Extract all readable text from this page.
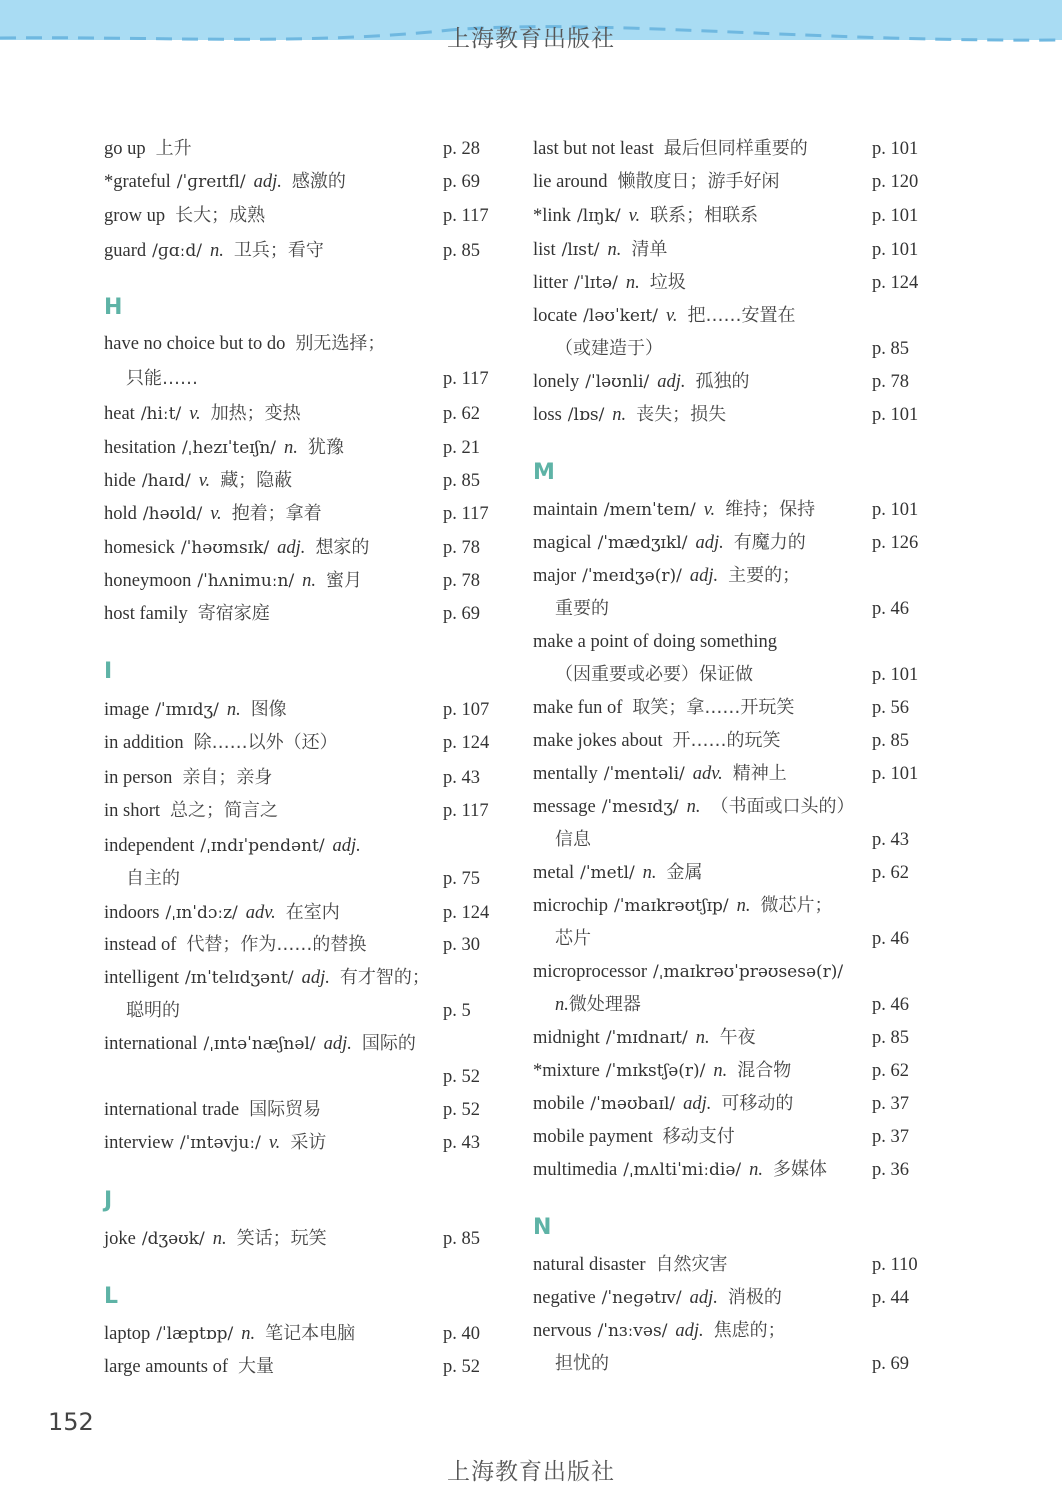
上海教育出版社
go up 上升	p. 28
*grateful /ˈɡreɪtfl/ adj. 感激的	p. 69
grow up 长大；成熟	p. 117
guard /ɡɑːd/ n. 卫兵；看守	p. 85
H
have no choice but to do 别无选择；
只能……	p. 117
heat /hiːt/ v. 加热；变热	p. 62
hesitation /ˌhezɪˈteɪʃn/ n. 犹豫	p. 21
hide /haɪd/ v. 藏；隐蔽	p. 85
hold /həʊld/ v. 抱着；拿着	p. 117
homesick /ˈhəʊmsɪk/ adj. 想家的	p. 78
honeymoon /ˈhʌnimuːn/ n. 蜜月	p. 78
host family 寄宿家庭	p. 69
I
image /ˈɪmɪdʒ/ n. 图像	p. 107
in addition 除……以外（还）	p. 124
in person 亲自；亲身	p. 43
in short 总之；简言之	p. 117
independent /ˌɪndɪˈpendənt/ adj.
自主的	p. 75
indoors /ˌɪnˈdɔːz/ adv. 在室内	p. 124
instead of 代替；作为……的替换	p. 30
intelligent /ɪnˈtelɪdʒənt/ adj. 有才智的；
聪明的	p. 5
international /ˌɪntəˈnæʃnəl/ adj. 国际的
p. 52
international trade 国际贸易	p. 52
interview /ˈɪntəvjuː/ v. 采访	p. 43
J
joke /dʒəʊk/ n. 笑话；玩笑	p. 85
L
laptop /ˈlæptɒp/ n. 笔记本电脑	p. 40
large amounts of 大量	p. 52
last but not least 最后但同样重要的	p. 101
lie around 懒散度日；游手好闲	p. 120
*link /lɪŋk/ v. 联系；相联系	p. 101
list /lɪst/ n. 清单	p. 101
litter /ˈlɪtə/ n. 垃圾	p. 124
locate /ləʊˈkeɪt/ v. 把……安置在
（或建造于）	p. 85
lonely /ˈləʊnli/ adj. 孤独的	p. 78
loss /lɒs/ n. 丧失；损失	p. 101
M
maintain /meɪnˈteɪn/ v. 维持；保持	p. 101
magical /ˈmædʒɪkl/ adj. 有魔力的	p. 126
major /ˈmeɪdʒə(r)/ adj. 主要的；
重要的	p. 46
make a point of doing something
（因重要或必要）保证做	p. 101
make fun of 取笑；拿……开玩笑	p. 56
make jokes about 开……的玩笑	p. 85
mentally /ˈmentəli/ adv. 精神上	p. 101
message /ˈmesɪdʒ/ n. （书面或口头的）
信息	p. 43
metal /ˈmetl/ n. 金属	p. 62
microchip /ˈmaɪkrəʊtʃɪp/ n. 微芯片；
芯片	p. 46
microprocessor /ˌmaɪkrəʊˈprəʊsesə(r)/
n.微处理器	p. 46
midnight /ˈmɪdnaɪt/ n. 午夜	p. 85
*mixture /ˈmɪkstʃə(r)/ n. 混合物	p. 62
mobile /ˈməʊbaɪl/ adj. 可移动的	p. 37
mobile payment 移动支付	p. 37
multimedia /ˌmʌltiˈmiːdiə/ n. 多媒体 p. 36
N
natural disaster 自然灾害	p. 110
negative /ˈneɡətɪv/ adj. 消极的	p. 44
nervous /ˈnɜːvəs/ adj. 焦虑的；
担忧的	p. 69
152
上海教育出版社
